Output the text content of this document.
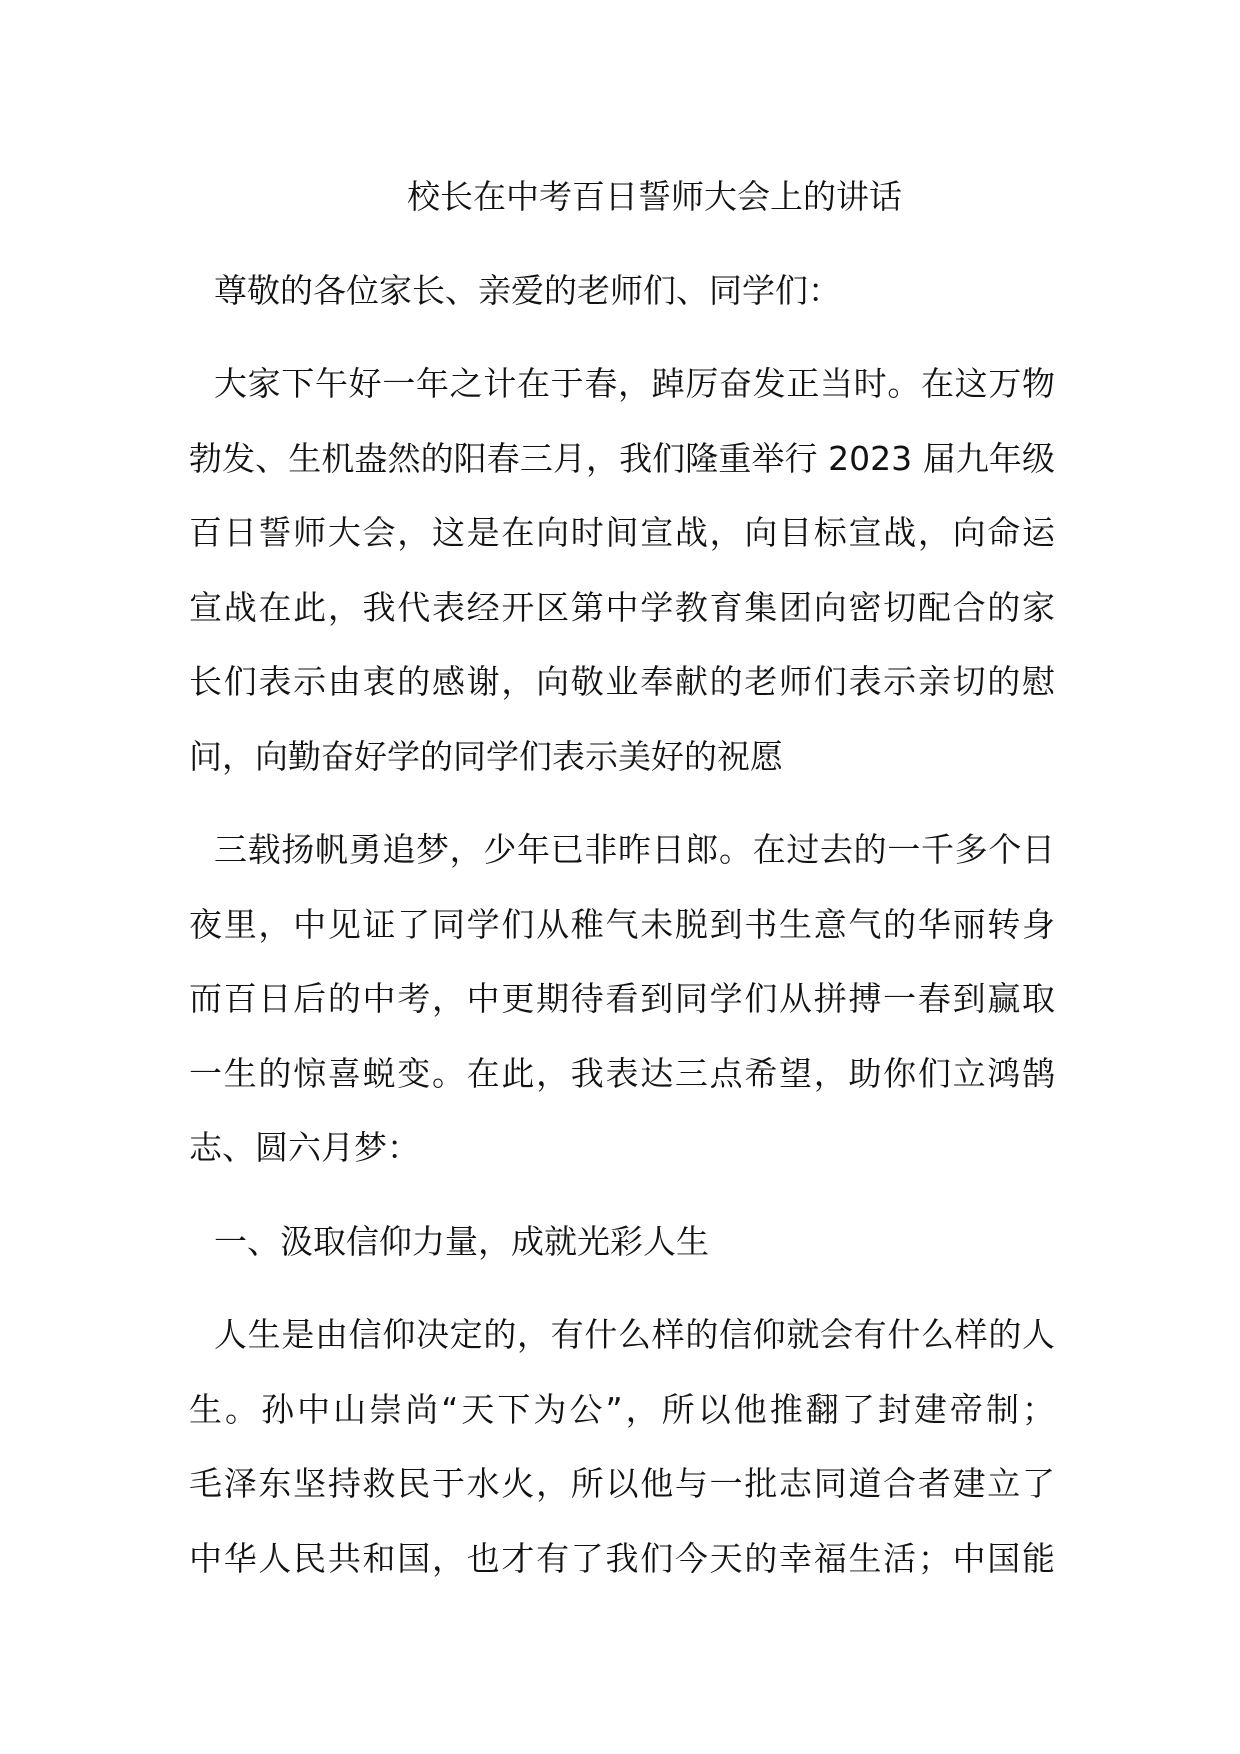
校长在中考百日誓师大会上的讲话
尊敬的各位家长、亲爱的老师们、同学们：
大家下午好一年之计在于春，踔厉奋发正当时。在这万物
勃发、生机盎然的阳春三月，我们隆重举行 2023 届九年级
百日誓师大会，这是在向时间宣战，向目标宣战，向命运
宣战在此，我代表经开区第中学教育集团向密切配合的家
长们表示由衷的感谢，向敬业奉献的老师们表示亲切的慰
问，向勤奋好学的同学们表示美好的祝愿
三载扬帆勇追梦，少年已非昨日郎。在过去的一千多个日
夜里，中见证了同学们从稚气未脱到书生意气的华丽转身
而百日后的中考，中更期待看到同学们从拼搏一春到赢取
一生的惊喜蜕变。在此，我表达三点希望，助你们立鸿鹄
志、圆六月梦：
一、汲取信仰力量，成就光彩人生
人生是由信仰决定的，有什么样的信仰就会有什么样的人
生。孙中山崇尚“天下为公”，所以他推翻了封建帝制；
毛泽东坚持救民于水火，所以他与一批志同道合者建立了
中华人民共和国，也才有了我们今天的幸福生活；中国能
